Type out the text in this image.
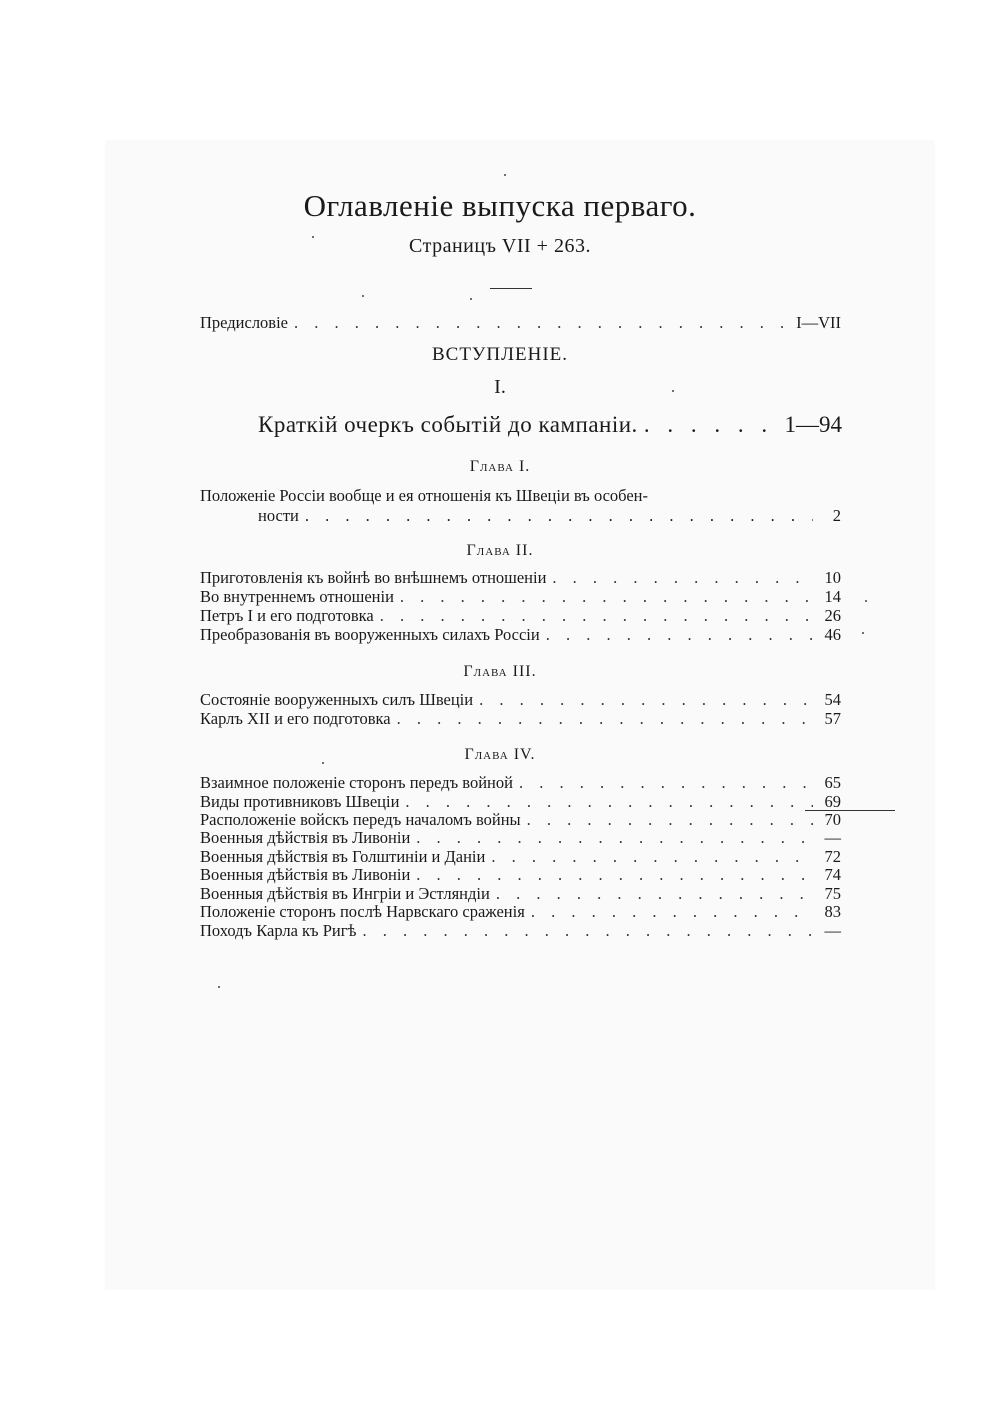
Оглавленіе выпуска перваго.
Страницъ VII + 263.
Предисловіе . . .	I—VII
ВСТУПЛЕНІЕ.
I.
Краткій очеркъ событій до кампаніи. . . .	1—94
Глава I.
Положеніе Россіи вообще и ея отношенія къ Швеціи въ особен-
ности . . .	2
Глава II.
Приготовленія къ войнѣ во внѣшнемъ отношеніи . . .	10
Во внутреннемъ отношеніи . . .	14
Петръ I и его подготовка . . .	26
Преобразованія въ вооруженныхъ силахъ Россіи . . .	46
Глава III.
Состояніе вооруженныхъ силъ Швеціи . . .	54
Карлъ XII и его подготовка . . .	57
Глава IV.
Взаимное положеніе сторонъ передъ войной . . .	65
Виды противниковъ Швеціи . . .	69
Расположеніе войскъ передъ началомъ войны . . .	70
Военныя дѣйствія въ Ливоніи . . .	—
Военныя дѣйствія въ Голштиніи и Даніи . . .	72
Военныя дѣйствія въ Ливоніи . . .	74
Военныя дѣйствія въ Ингріи и Эстляндіи . . .	75
Положеніе сторонъ послѣ Нарвскаго сраженія . . .	83
Походъ Карла къ Ригѣ . . .	—
